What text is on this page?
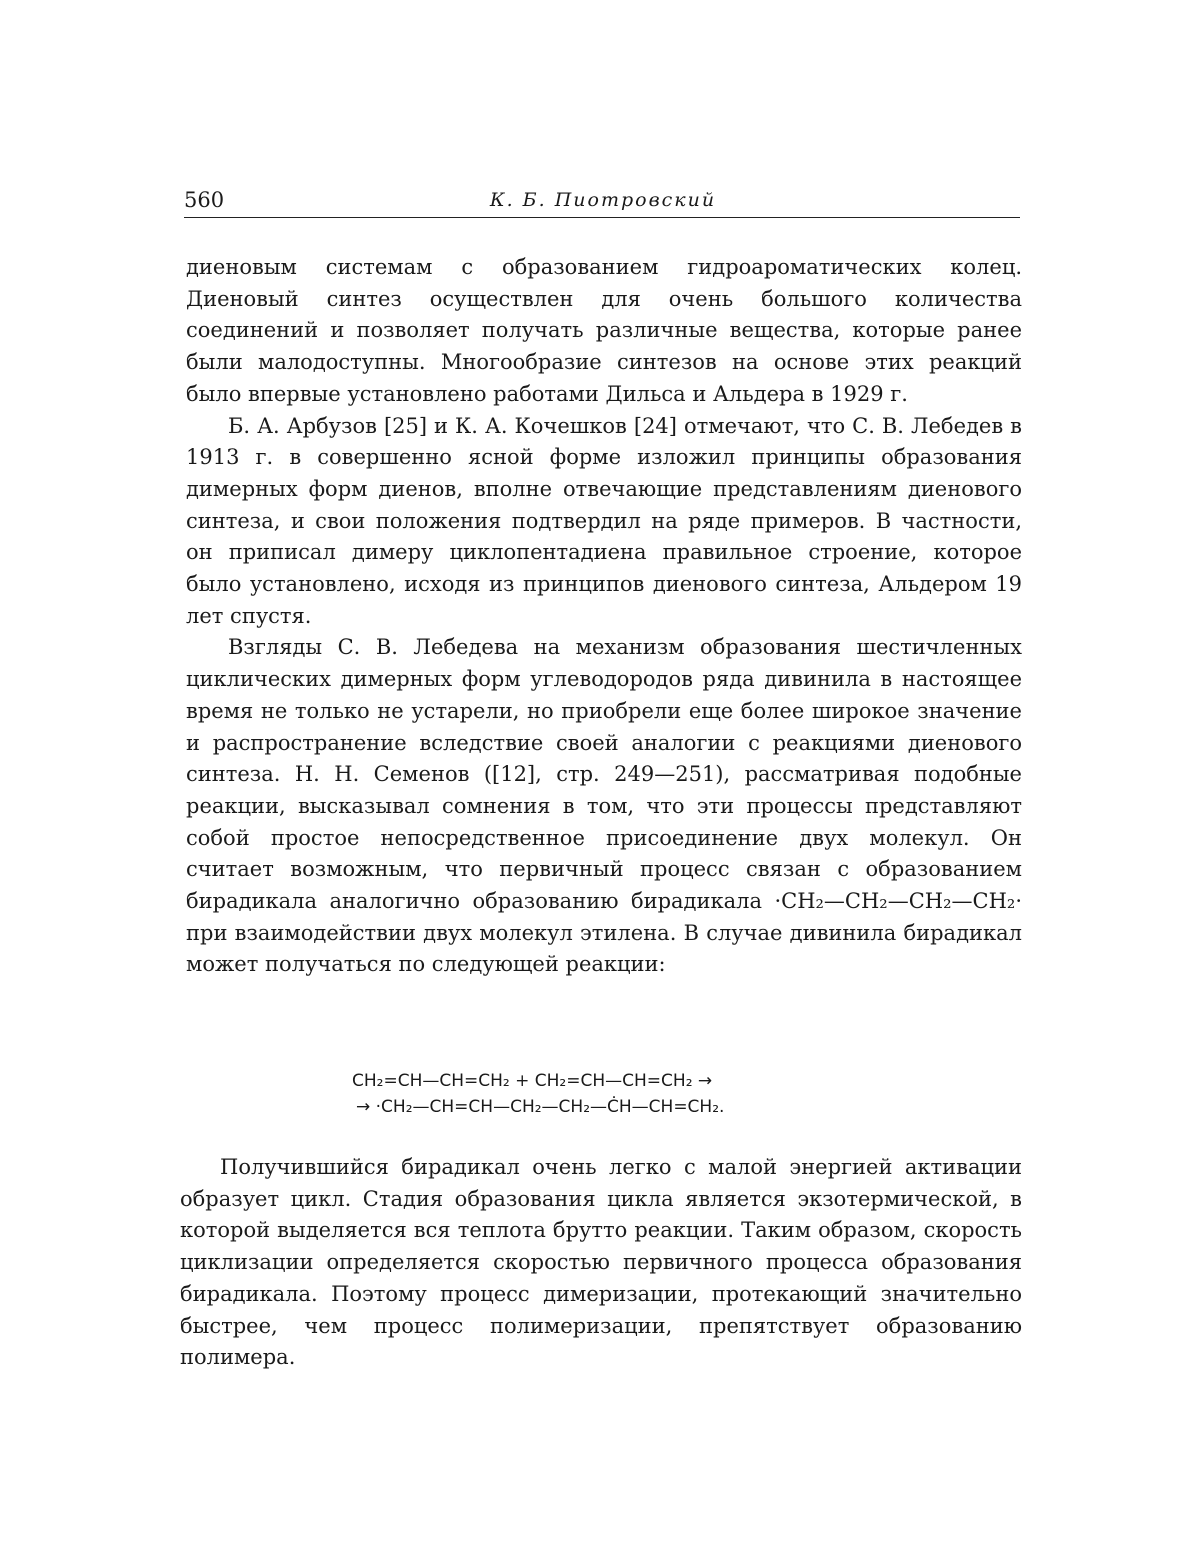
560	К. Б. Пиотровский

диеновым системам с образованием гидроароматических колец. Диеновый синтез осуществлен для очень большого количества соединений и позволяет получать различные вещества, которые ранее были малодоступны. Многообразие синтезов на основе этих реакций было впервые установлено работами Дильса и Альдера в 1929 г.

Б. А. Арбузов [25] и К. А. Кочешков [24] отмечают, что С. В. Лебедев в 1913 г. в совершенно ясной форме изложил принципы образования димерных форм диенов, вполне отвечающие представлениям диенового синтеза, и свои положения подтвердил на ряде примеров. В частности, он приписал димеру циклопентадиена правильное строение, которое было установлено, исходя из принципов диенового синтеза, Альдером 19 лет спустя.

Взгляды С. В. Лебедева на механизм образования шестичленных циклических димерных форм углеводородов ряда дивинила в настоящее время не только не устарели, но приобрели еще более широкое значение и распространение вследствие своей аналогии с реакциями диенового синтеза. Н. Н. Семенов ([12], стр. 249—251), рассматривая подобные реакции, высказывал сомнения в том, что эти процессы представляют собой простое непосредственное присоединение двух молекул. Он считает возможным, что первичный процесс связан с образованием бирадикала аналогично образованию бирадикала ·CH₂—CH₂—CH₂—CH₂· при взаимодействии двух молекул этилена. В случае дивинила бирадикал может получаться по следующей реакции:

CH₂=CH—CH=CH₂ + CH₂=CH—CH=CH₂ →
→ ·CH₂—CH=CH—CH₂—CH₂—ĊH—CH=CH₂.

Получившийся бирадикал очень легко с малой энергией активации образует цикл. Стадия образования цикла является экзотермической, в которой выделяется вся теплота брутто реакции. Таким образом, скорость циклизации определяется скоростью первичного процесса образования бирадикала. Поэтому процесс димеризации, протекающий значительно быстрее, чем процесс полимеризации, препятствует образованию полимера.
